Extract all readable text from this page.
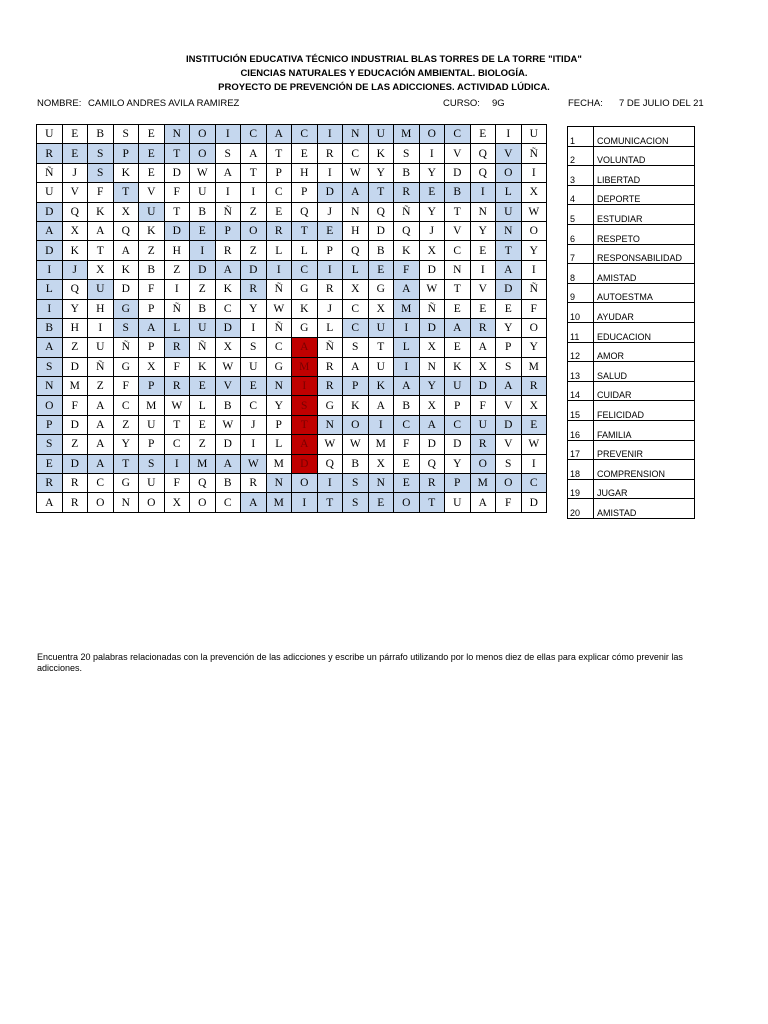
INSTITUCIÓN EDUCATIVA TÉCNICO INDUSTRIAL BLAS TORRES DE LA TORRE "ITIDA"
CIENCIAS NATURALES Y EDUCACIÓN AMBIENTAL. BIOLOGÍA.
PROYECTO DE PREVENCIÓN DE LAS ADICCIONES. ACTIVIDAD LÚDICA.
NOMBRE: CAMILO ANDRES AVILA RAMIREZ	CURSO: 9G	FECHA: 7 DE JULIO DEL 21
U	E	B	S	E	N	O	I	C	A	C	I	N	U	M	O	C	E	I	U
R	E	S	P	E	T	O	S	A	T	E	R	C	K	S	I	V	Q	V	Ñ
Ñ	J	S	K	E	D	W	A	T	P	H	I	W	Y	B	Y	D	Q	O	I
U	V	F	T	V	F	U	I	I	C	P	D	A	T	R	E	B	I	L	X
D	Q	K	X	U	T	B	Ñ	Z	E	Q	J	N	Q	Ñ	Y	T	N	U	W
A	X	A	Q	K	D	E	P	O	R	T	E	H	D	Q	J	V	Y	N	O
D	K	T	A	Z	H	I	R	Z	L	L	P	Q	B	K	X	C	E	T	Y
I	J	X	K	B	Z	D	A	D	I	C	I	L	E	F	D	N	I	A	I
L	Q	U	D	F	I	Z	K	R	Ñ	G	R	X	G	A	W	T	V	D	Ñ
I	Y	H	G	P	Ñ	B	C	Y	W	K	J	C	X	M	Ñ	E	E	E	F
B	H	I	S	A	L	U	D	I	Ñ	G	L	C	U	I	D	A	R	Y	O
A	Z	U	Ñ	P	R	Ñ	X	S	C	A	Ñ	S	T	L	X	E	A	P	Y
S	D	Ñ	G	X	F	K	W	U	G	M	R	A	U	I	N	K	X	S	M
N	M	Z	F	P	R	E	V	E	N	I	R	P	K	A	Y	U	D	A	R
O	F	A	C	M	W	L	B	C	Y	S	G	K	A	B	X	P	F	V	X
P	D	A	Z	U	T	E	W	J	P	T	N	O	I	C	A	C	U	D	E
S	Z	A	Y	P	C	Z	D	I	L	A	W	W	M	F	D	D	R	V	W
E	D	A	T	S	I	M	A	W	M	D	Q	B	X	E	Q	Y	O	S	I
R	R	C	G	U	F	Q	B	R	N	O	I	S	N	E	R	P	M	O	C
A	R	O	N	O	X	O	C	A	M	I	T	S	E	O	T	U	A	F	D
1	COMUNICACION
2	VOLUNTAD
3	LIBERTAD
4	DEPORTE
5	ESTUDIAR
6	RESPETO
7	RESPONSABILIDAD
8	AMISTAD
9	AUTOESTMA
10	AYUDAR
11	EDUCACION
12	AMOR
13	SALUD
14	CUIDAR
15	FELICIDAD
16	FAMILIA
17	PREVENIR
18	COMPRENSION
19	JUGAR
20	AMISTAD
Encuentra 20 palabras relacionadas con la prevención de las adicciones y escribe un párrafo utilizando por lo menos diez de ellas para explicar cómo prevenir las adicciones.
